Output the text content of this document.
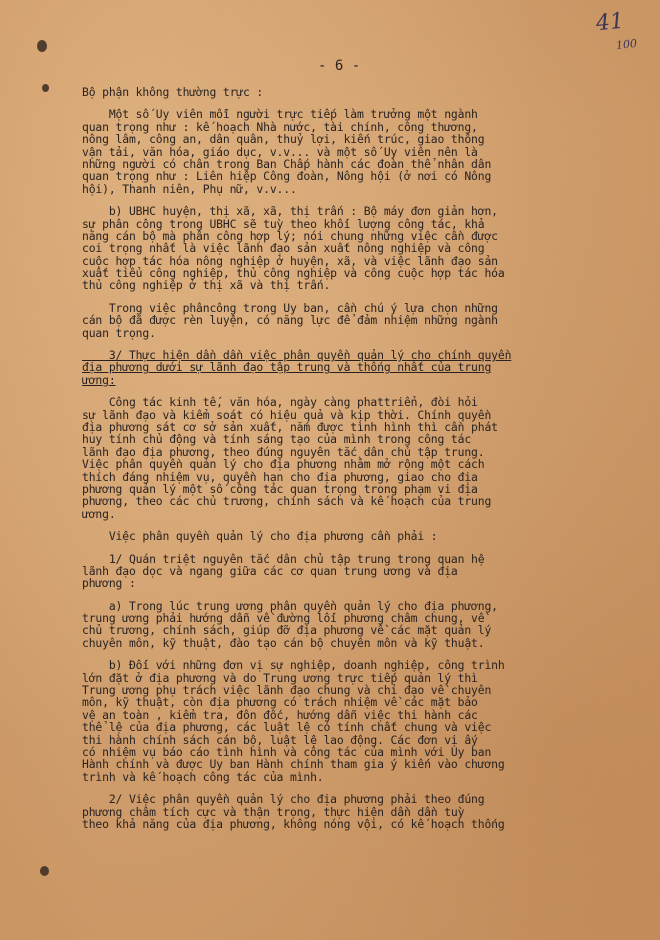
41
100
- 6 -
Bộ phận không thường trực :
Một số Uy viên mỗi người trực tiếp làm trưởng một ngành
quan trọng như : kế hoạch Nhà nước, tài chính, công thương,
nông lâm, công an, dân quân, thuỷ lợi, kiến trúc, giao thông
vận tải, văn hóa, giáo dục, v.v... và một số Uy viên nên là
những người có chân trong Ban Chấp hành các đoàn thể nhân dân
quan trọng như : Liên hiệp Công đoàn, Nông hội (ở nơi có Nông
hội), Thanh niên, Phụ nữ, v.v...
b) UBHC huyện, thị xã, xã, thị trấn : Bộ máy đơn giản hơn,
sự phân công trong UBHC sẽ tuỳ theo khối lượng công tác, khả
năng cán bộ mà phân công hợp lý; nói chung những việc cần được
coi trọng nhất là việc lãnh đạo sản xuất nông nghiệp và công
cuộc hợp tác hóa nông nghiệp ở huyện, xã, và việc lãnh đạo sản
xuất tiểu công nghiệp, thủ công nghiệp và công cuộc hợp tác hóa
thủ công nghiệp ở thị xã và thị trấn.
Trong việc phâncông trong Uy ban, cần chú ý lựa chọn những
cán bộ đã được rèn luyện, có năng lực để đảm nhiệm những ngành
quan trọng.
3/ Thực hiện dần dần việc phân quyền quản lý cho chính quyền
địa phương dưới sự lãnh đạo tập trung và thống nhất của trung
ương:
Công tác kinh tế, văn hóa, ngày càng phattriển, đòi hỏi
sự lãnh đạo và kiểm soát có hiệu quả và kịp thời. Chính quyền
địa phương sát cơ sở sản xuất, nắm được tình hình thì cần phát
huy tính chủ động và tính sáng tạo của mình trong công tác
lãnh đạo địa phương, theo đúng nguyên tắc dân chủ tập trung.
Việc phân quyền quản lý cho địa phương nhằm mở rộng một cách
thích đáng nhiệm vụ, quyền hạn cho địa phương, giao cho địa
phương quản lý một số công tác quan trọng trong phạm vi địa
phương, theo các chủ trương, chính sách và kế hoạch của trung
ương.
Việc phân quyền quản lý cho địa phương cần phải :
1/ Quán triệt nguyên tắc dân chủ tập trung trong quan hệ
lãnh đạo dọc và ngang giữa các cơ quan trung ương và địa
phương :
a) Trong lúc trung ương phân quyền quản lý cho địa phương,
trung ương phải hướng dẫn về đường lối phương châm chung, về
chủ trương, chính sách, giúp đỡ địa phương về các mặt quản lý
chuyên môn, kỹ thuật, đào tạo cán bộ chuyên môn và kỹ thuật.
b) Đối với những đơn vị sự nghiệp, doanh nghiệp, công trình
lớn đặt ở địa phương và do Trung ương trực tiếp quản lý thì
Trung ương phụ trách việc lãnh đạo chung và chỉ đạo về chuyên
môn, kỹ thuật, còn địa phương có trách nhiệm về các mặt bảo
vệ an toàn , kiểm tra, đôn đốc, hướng dẫn việc thi hành các
thể lệ của địa phương, các luật lệ có tính chất chung và việc
thi hành chính sách cán bộ, luật lệ lao động. Các đơn vị ấy
có nhiệm vụ báo cáo tình hình và công tác của mình với Uy ban
Hành chính và được Uy ban Hành chính tham gia ý kiến vào chương
trình và kế hoạch công tác của mình.
2/ Việc phân quyền quản lý cho địa phương phải theo đúng
phương châm tích cực và thận trọng, thực hiện dần dần tuỳ
theo khả năng của địa phương, không nóng vội, có kế hoạch thống
